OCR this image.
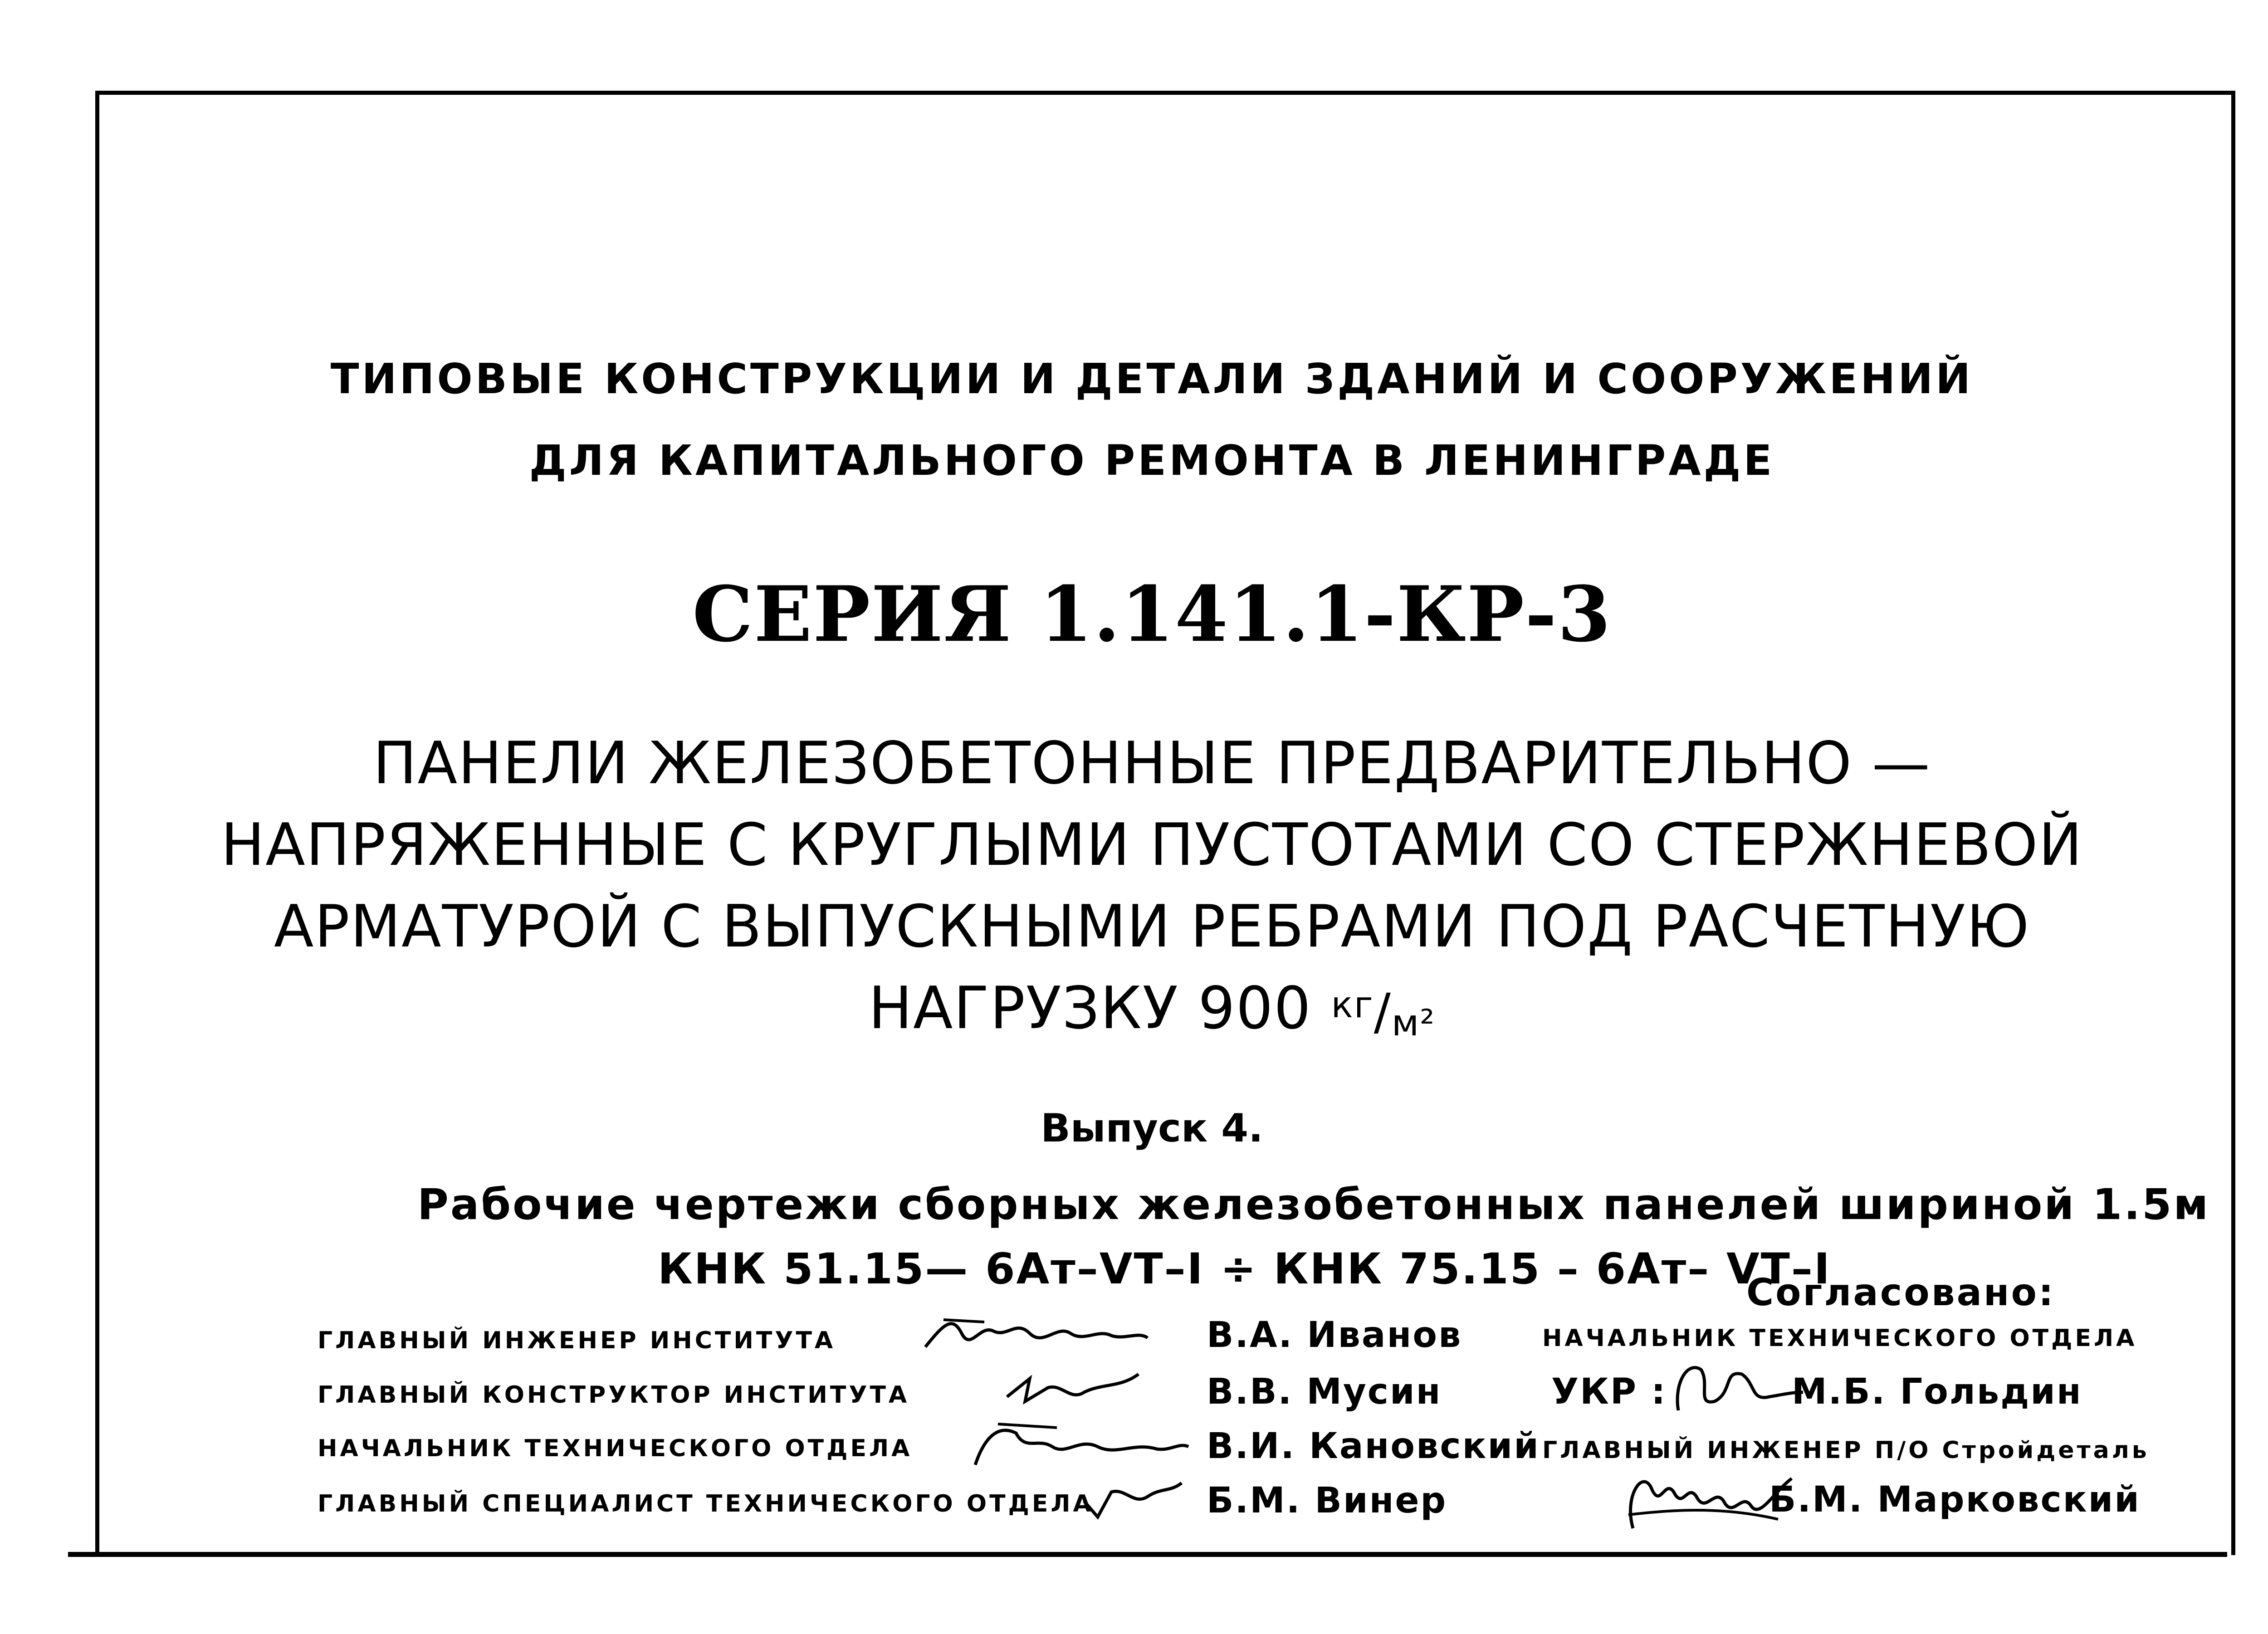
ТИПОВЫЕ КОНСТРУКЦИИ И ДЕТАЛИ ЗДАНИЙ И СООРУЖЕНИЙ
ДЛЯ КАПИТАЛЬНОГО РЕМОНТА В ЛЕНИНГРАДЕ
СЕРИЯ 1.141.1-КР-3
ПАНЕЛИ ЖЕЛЕЗОБЕТОННЫЕ ПРЕДВАРИТЕЛЬНО —
НАПРЯЖЕННЫЕ С КРУГЛЫМИ ПУСТОТАМИ СО СТЕРЖНЕВОЙ
АРМАТУРОЙ С ВЫПУСКНЫМИ РЕБРАМИ ПОД РАСЧЕТНУЮ
НАГРУЗКУ 900 $^{кг/м^2}$
Выпуск 4.
Рабочие чертежи сборных железобетонных панелей шириной 1.5м
КНК 51.15— 6Ат–VТ–I ÷ КНК 75.15 – 6Ат– VТ–I
Согласовано:
ГЛАВНЫЙ ИНЖЕНЕР ИНСТИТУТА
ГЛАВНЫЙ КОНСТРУКТОР ИНСТИТУТА
НАЧАЛЬНИК ТЕХНИЧЕСКОГО ОТДЕЛА
ГЛАВНЫЙ СПЕЦИАЛИСТ ТЕХНИЧЕСКОГО ОТДЕЛА
В.А. Иванов
В.В. Мусин
В.И. Кановский
Б.М. Винер
НАЧАЛЬНИК ТЕХНИЧЕСКОГО ОТДЕЛА
УКР :	М.Б. Гольдин
ГЛАВНЫЙ ИНЖЕНЕР П/О Стройдеталь
Б.М. Марковский
